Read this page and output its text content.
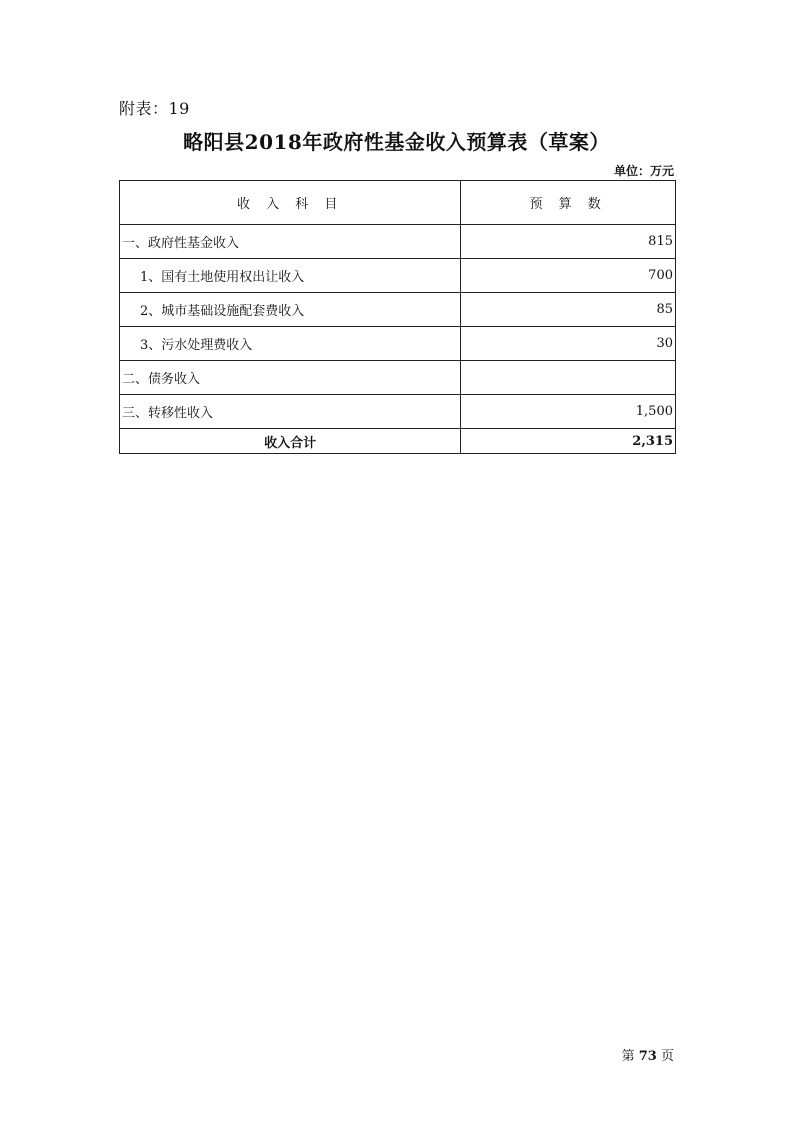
附表：19
略阳县2018年政府性基金收入预算表（草案）
单位：万元
收 入 科 目	预 算 数
一、政府性基金收入	815
1、国有土地使用权出让收入	700
2、城市基础设施配套费收入	85
3、污水处理费收入	30
二、债务收入	
三、转移性收入	1,500
收入合计	2,315
第 73 页
